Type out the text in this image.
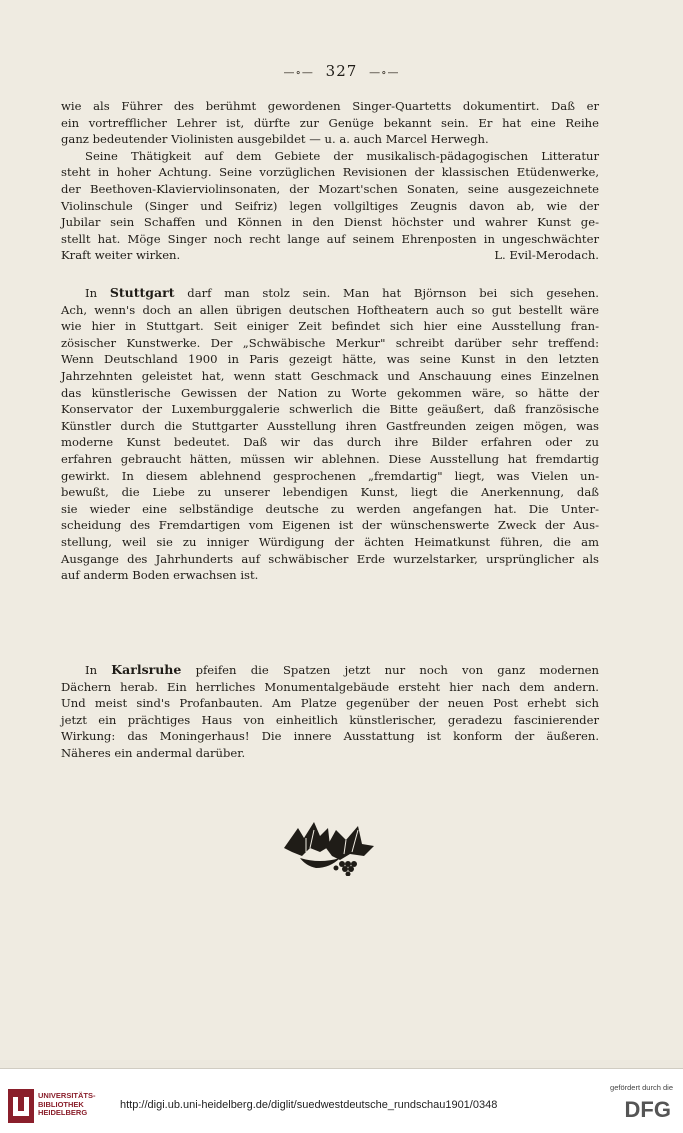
—∘— 327 —∘—
wie als Führer des berühmt gewordenen Singer-Quartetts dokumentirt. Daß er
ein vortrefflicher Lehrer ist, dürfte zur Genüge bekannt sein. Er hat eine Reihe
ganz bedeutender Violinisten ausgebildet — u. a. auch Marcel Herwegh.
Seine Thätigkeit auf dem Gebiete der musikalisch-pädagogischen Litteratur
steht in hoher Achtung. Seine vorzüglichen Revisionen der klassischen Etüdenwerke,
der Beethoven-Klavierviolinsonaten, der Mozart'schen Sonaten, seine ausgezeichnete
Violinschule (Singer und Seifriz) legen vollgiltiges Zeugnis davon ab, wie der
Jubilar sein Schaffen und Können in den Dienst höchster und wahrer Kunst ge-
stellt hat. Möge Singer noch recht lange auf seinem Ehrenposten in ungeschwächter
Kraft weiter wirken.	L. Evil-Merodach.
In Stuttgart darf man stolz sein. Man hat Björnson bei sich gesehen.
Ach, wenn's doch an allen übrigen deutschen Hoftheatern auch so gut bestellt wäre
wie hier in Stuttgart. Seit einiger Zeit befindet sich hier eine Ausstellung fran-
zösischer Kunstwerke. Der „Schwäbische Merkur" schreibt darüber sehr treffend:
Wenn Deutschland 1900 in Paris gezeigt hätte, was seine Kunst in den letzten
Jahrzehnten geleistet hat, wenn statt Geschmack und Anschauung eines Einzelnen
das künstlerische Gewissen der Nation zu Worte gekommen wäre, so hätte der
Konservator der Luxemburggalerie schwerlich die Bitte geäußert, daß französische
Künstler durch die Stuttgarter Ausstellung ihren Gastfreunden zeigen mögen, was
moderne Kunst bedeutet. Daß wir das durch ihre Bilder erfahren oder zu
erfahren gebraucht hätten, müssen wir ablehnen. Diese Ausstellung hat fremdartig
gewirkt. In diesem ablehnend gesprochenen „fremdartig" liegt, was Vielen un-
bewußt, die Liebe zu unserer lebendigen Kunst, liegt die Anerkennung, daß
sie wieder eine selbständige deutsche zu werden angefangen hat. Die Unter-
scheidung des Fremdartigen vom Eigenen ist der wünschenswerte Zweck der Aus-
stellung, weil sie zu inniger Würdigung der ächten Heimatkunst führen, die am
Ausgange des Jahrhunderts auf schwäbischer Erde wurzelstarker, ursprünglicher als
auf anderm Boden erwachsen ist.
In Karlsruhe pfeifen die Spatzen jetzt nur noch von ganz modernen
Dächern herab. Ein herrliches Monumentalgebäude ersteht hier nach dem andern.
Und meist sind's Profanbauten. Am Platze gegenüber der neuen Post erhebt sich
jetzt ein prächtiges Haus von einheitlich künstlerischer, geradezu fascinierender
Wirkung: das Moningerhaus! Die innere Ausstattung ist konform der äußeren.
Näheres ein andermal darüber.
UNIVERSITÄTS-
BIBLIOTHEK
HEIDELBERG
http://digi.ub.uni-heidelberg.de/diglit/suedwestdeutsche_rundschau1901/0348
gefördert durch die
DFG
